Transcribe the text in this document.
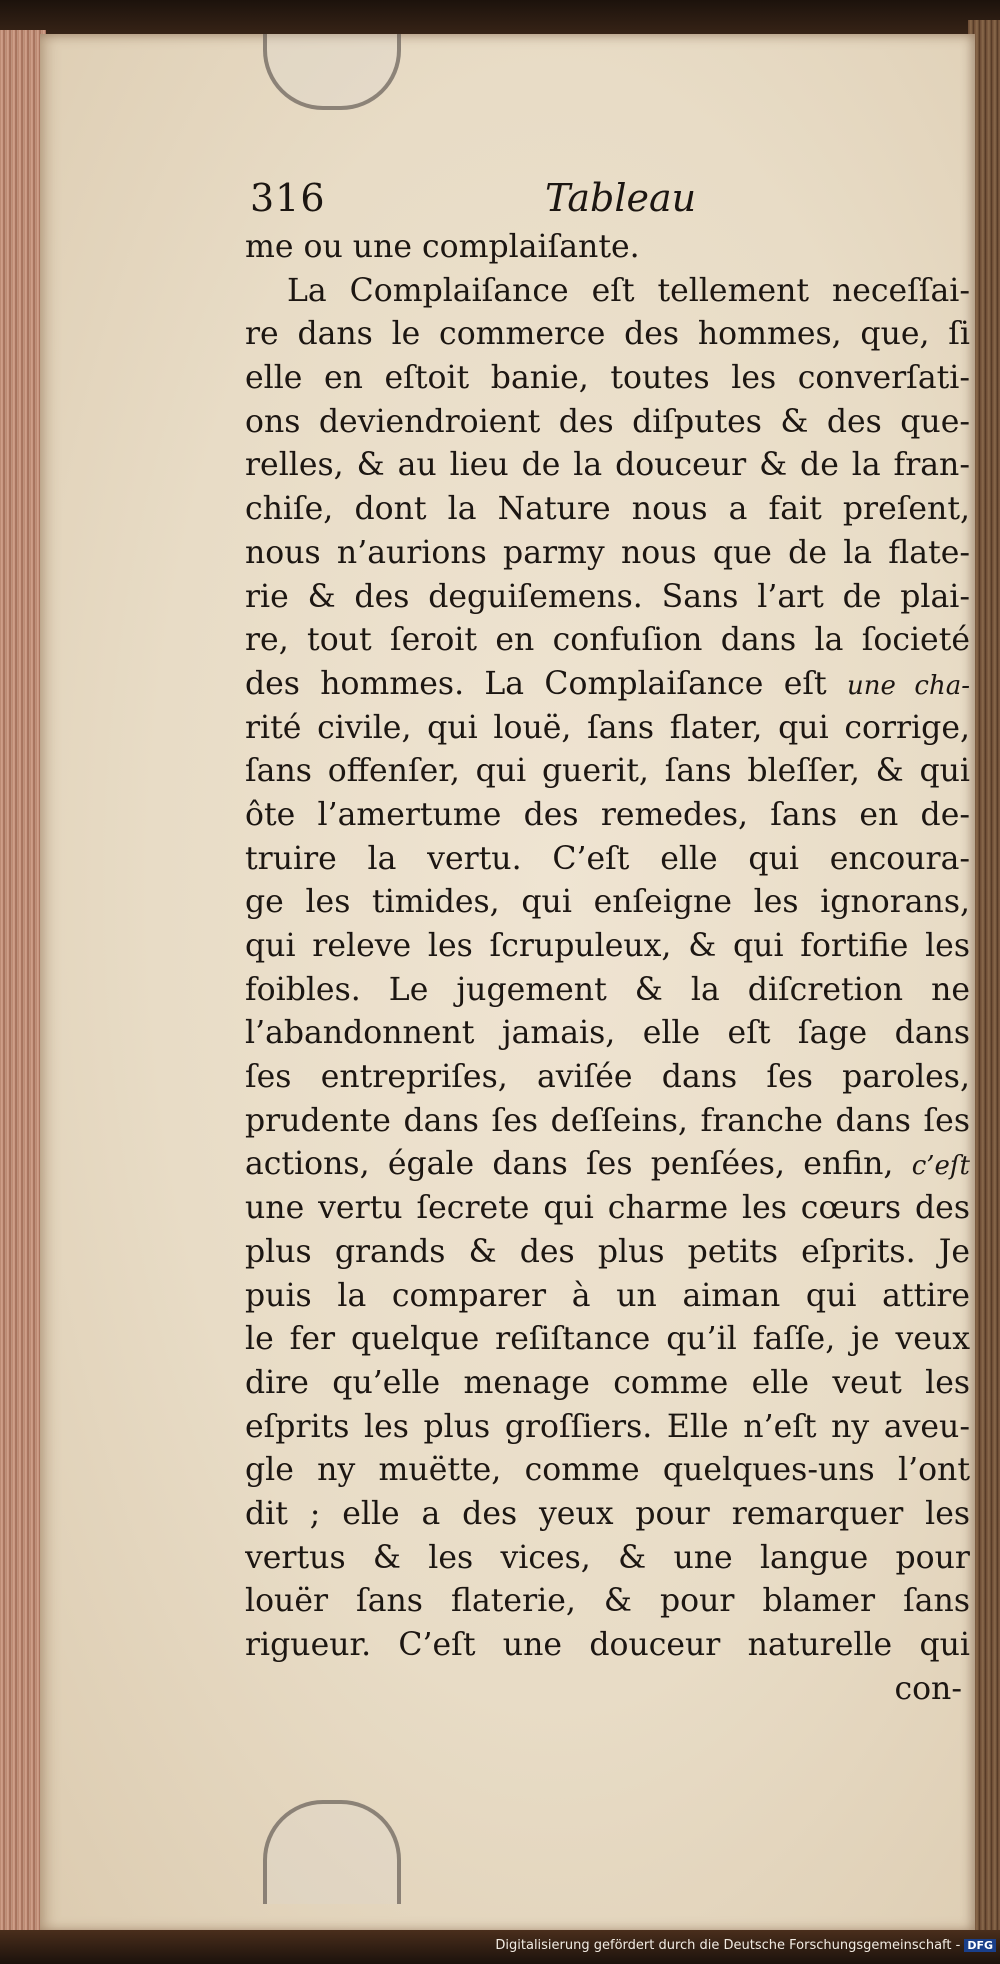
316	Tableau
me ou une complaiſante.
La Complaiſance eſt tellement neceſſai-
re dans le commerce des hommes, que, ſi
elle en eſtoit banie, toutes les converſati-
ons deviendroient des diſputes & des que-
relles, & au lieu de la douceur & de la fran-
chiſe, dont la Nature nous a fait preſent,
nous n’aurions parmy nous que de la flate-
rie & des deguiſemens. Sans l’art de plai-
re, tout ſeroit en confuſion dans la ſocieté
des hommes. La Complaiſance eſt une cha-
rité civile, qui louë, ſans flater, qui corrige,
ſans offenſer, qui guerit, ſans bleſſer, & qui
ôte l’amertume des remedes, ſans en de-
truire la vertu. C’eſt elle qui encoura-
ge les timides, qui enſeigne les ignorans,
qui releve les ſcrupuleux, & qui fortifie les
foibles. Le jugement & la diſcretion ne
l’abandonnent jamais, elle eſt ſage dans
ſes entrepriſes, aviſée dans ſes paroles,
prudente dans ſes deſſeins, franche dans ſes
actions, égale dans ſes penſées, enfin, c’eſt
une vertu ſecrete qui charme les cœurs des
plus grands & des plus petits eſprits. Je
puis la comparer à un aiman qui attire
le fer quelque reſiſtance qu’il faſſe, je veux
dire qu’elle menage comme elle veut les
eſprits les plus groſſiers. Elle n’eſt ny aveu-
gle ny muëtte, comme quelques-uns l’ont
dit ; elle a des yeux pour remarquer les
vertus & les vices, & une langue pour
louër ſans flaterie, & pour blamer ſans
rigueur. C’eſt une douceur naturelle qui
con-
Digitalisierung gefördert durch die Deutsche Forschungsgemeinschaft - DFG
